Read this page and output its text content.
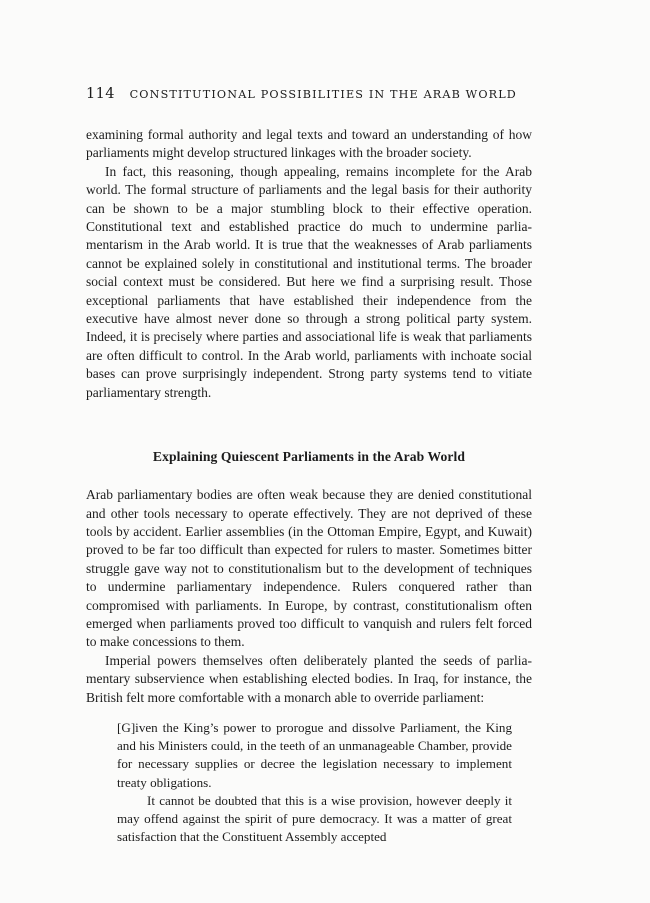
114 CONSTITUTIONAL POSSIBILITIES IN THE ARAB WORLD

examining formal authority and legal texts and toward an understanding of how parliaments might develop structured linkages with the broader society.

In fact, this reasoning, though appealing, remains incomplete for the Arab world. The formal structure of parliaments and the legal basis for their authority can be shown to be a major stumbling block to their effective operation. Constitutional text and established practice do much to undermine parliamentarism in the Arab world. It is true that the weaknesses of Arab parliaments cannot be explained solely in constitutional and institutional terms. The broader social context must be considered. But here we find a surprising result. Those exceptional parliaments that have established their independence from the executive have almost never done so through a strong political party system. Indeed, it is precisely where parties and associational life is weak that parliaments are often difficult to control. In the Arab world, parliaments with inchoate social bases can prove surprisingly independent. Strong party systems tend to vitiate parliamentary strength.

Explaining Quiescent Parliaments in the Arab World

Arab parliamentary bodies are often weak because they are denied constitutional and other tools necessary to operate effectively. They are not deprived of these tools by accident. Earlier assemblies (in the Ottoman Empire, Egypt, and Kuwait) proved to be far too difficult than expected for rulers to master. Sometimes bitter struggle gave way not to constitutionalism but to the development of techniques to undermine parliamentary independence. Rulers conquered rather than compromised with parliaments. In Europe, by contrast, constitutionalism often emerged when parliaments proved too difficult to vanquish and rulers felt forced to make concessions to them.

Imperial powers themselves often deliberately planted the seeds of parliamentary subservience when establishing elected bodies. In Iraq, for instance, the British felt more comfortable with a monarch able to override parliament:

[G]iven the King’s power to prorogue and dissolve Parliament, the King and his Ministers could, in the teeth of an unmanageable Chamber, provide for necessary supplies or decree the legislation necessary to implement treaty obligations.

It cannot be doubted that this is a wise provision, however deeply it may offend against the spirit of pure democracy. It was a matter of great satisfaction that the Constituent Assembly accepted
